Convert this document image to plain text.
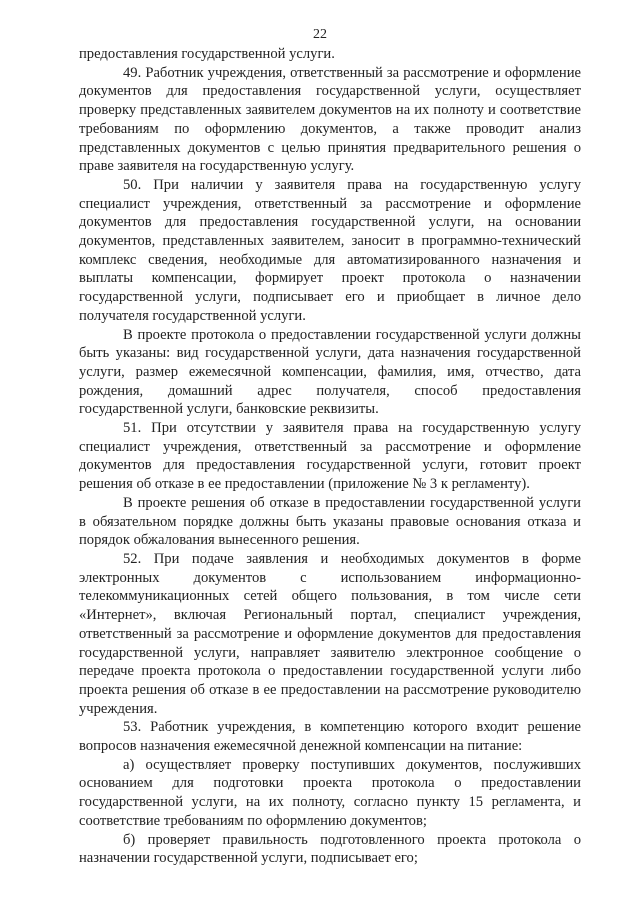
22

предоставления государственной услуги.

49. Работник учреждения, ответственный за рассмотрение и оформление документов для предоставления государственной услуги, осуществляет проверку представленных заявителем документов на их полноту и соответствие требованиям по оформлению документов, а также проводит анализ представленных документов с целью принятия предварительного решения о праве заявителя на государственную услугу.

50. При наличии у заявителя права на государственную услугу специалист учреждения, ответственный за рассмотрение и оформление документов для предоставления государственной услуги, на основании документов, представленных заявителем, заносит в программно-технический комплекс сведения, необходимые для автоматизированного назначения и выплаты компенсации, формирует проект протокола о назначении государственной услуги, подписывает его и приобщает в личное дело получателя государственной услуги.

В проекте протокола о предоставлении государственной услуги должны быть указаны: вид государственной услуги, дата назначения государственной услуги, размер ежемесячной компенсации, фамилия, имя, отчество, дата рождения, домашний адрес получателя, способ предоставления государственной услуги, банковские реквизиты.

51. При отсутствии у заявителя права на государственную услугу специалист учреждения, ответственный за рассмотрение и оформление документов для предоставления государственной услуги, готовит проект решения об отказе в ее предоставлении (приложение № 3 к регламенту).

В проекте решения об отказе в предоставлении государственной услуги в обязательном порядке должны быть указаны правовые основания отказа и порядок обжалования вынесенного решения.

52. При подаче заявления и необходимых документов в форме электронных документов с использованием информационно-телекоммуникационных сетей общего пользования, в том числе сети «Интернет», включая Региональный портал, специалист учреждения, ответственный за рассмотрение и оформление документов для предоставления государственной услуги, направляет заявителю электронное сообщение о передаче проекта протокола о предоставлении государственной услуги либо проекта решения об отказе в ее предоставлении на рассмотрение руководителю учреждения.

53. Работник учреждения, в компетенцию которого входит решение вопросов назначения ежемесячной денежной компенсации на питание:

а) осуществляет проверку поступивших документов, послуживших основанием для подготовки проекта протокола о предоставлении государственной услуги, на их полноту, согласно пункту 15 регламента, и соответствие требованиям по оформлению документов;

б) проверяет правильность подготовленного проекта протокола о назначении государственной услуги, подписывает его;
